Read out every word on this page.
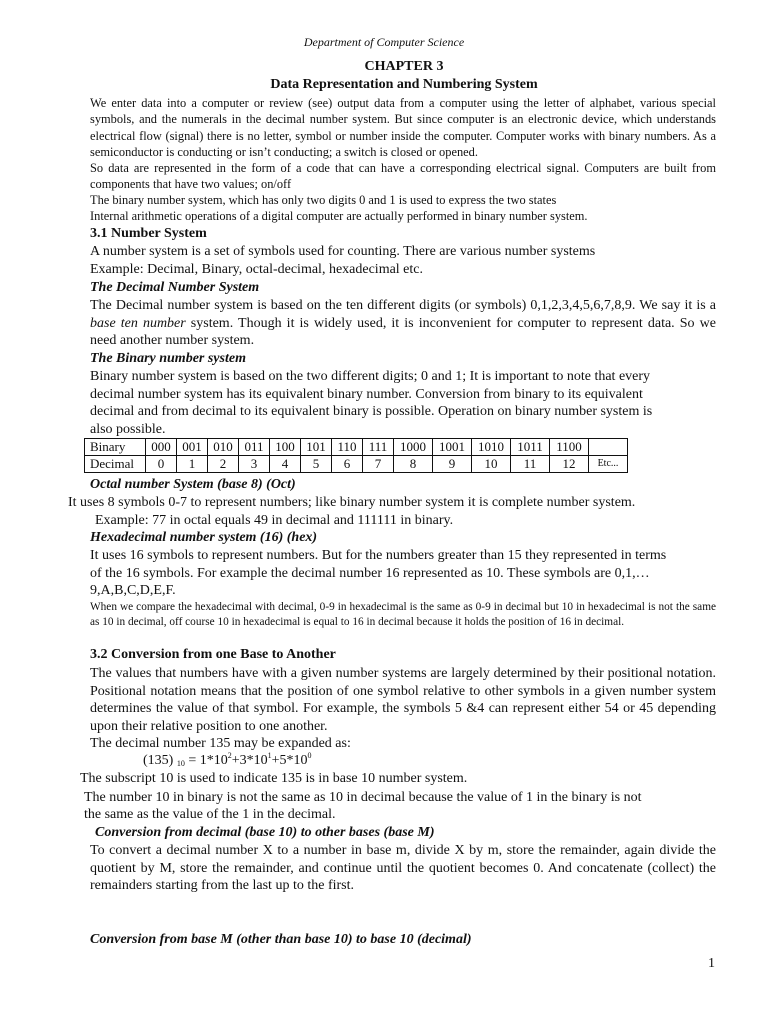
Department of Computer Science
CHAPTER 3
Data Representation and Numbering System
We enter data into a computer or review (see) output data from a computer using the letter of alphabet, various special symbols, and the numerals in the decimal number system. But since computer is an electronic device, which understands electrical flow (signal) there is no letter, symbol or number inside the computer. Computer works with binary numbers. As a semiconductor is conducting or isn’t conducting; a switch is closed or opened.
So data are represented in the form of a code that can have a corresponding electrical signal. Computers are built from components that have two values; on/off
The binary number system, which has only two digits 0 and 1 is used to express the two states
Internal arithmetic operations of a digital computer are actually performed in binary number system.
3.1 Number System
A number system is a set of symbols used for counting. There are various number systems
Example: Decimal, Binary, octal-decimal, hexadecimal etc.
The Decimal Number System
The Decimal number system is based on the ten different digits (or symbols) 0,1,2,3,4,5,6,7,8,9. We say it is a base ten number system. Though it is widely used, it is inconvenient for computer to represent data. So we need another number system.
The Binary number system
Binary number system is based on the two different digits; 0 and 1; It is important to note that every
decimal number system has its equivalent binary number. Conversion from binary to its equivalent
decimal and from decimal to its equivalent binary is possible. Operation on binary number system is
also possible.
Binary	000	001	010	011	100	101	110	111	1000	1001	1010	1011	1100	
Decimal	0	1	2	3	4	5	6	7	8	9	10	11	12	Etc...
Octal number System (base 8) (Oct)
It uses 8 symbols 0-7 to represent numbers; like binary number system it is complete number system.
Example: 77 in octal equals 49 in decimal and 111111 in binary.
Hexadecimal number system (16) (hex)
It uses 16 symbols to represent numbers. But for the numbers greater than 15 they represented in terms
of the 16 symbols. For example the decimal number 16 represented as 10. These symbols are 0,1,…
9,A,B,C,D,E,F.
When we compare the hexadecimal with decimal, 0-9 in hexadecimal is the same as 0-9 in decimal but 10 in hexadecimal is not the same as 10 in decimal, off course 10 in hexadecimal is equal to 16 in decimal because it holds the position of 16 in decimal.
3.2 Conversion from one Base to Another
The values that numbers have with a given number systems are largely determined by their positional notation. Positional notation means that the position of one symbol relative to other symbols in a given number system determines the value of that symbol. For example, the symbols 5 &4 can represent either 54 or 45 depending upon their relative position to one another.
The decimal number 135 may be expanded as:
(135) $_{10} = 1*10^2+3*10^1+5*10^0$
The subscript 10 is used to indicate 135 is in base 10 number system.
The number 10 in binary is not the same as 10 in decimal because the value of 1 in the binary is not
the same as the value of the 1 in the decimal.
Conversion from decimal (base 10) to other bases (base M)
To convert a decimal number X to a number in base m, divide X by m, store the remainder, again divide the quotient by M, store the remainder, and continue until the quotient becomes 0. And concatenate (collect) the remainders starting from the last up to the first.
Conversion from base M (other than base 10) to base 10 (decimal)
1
